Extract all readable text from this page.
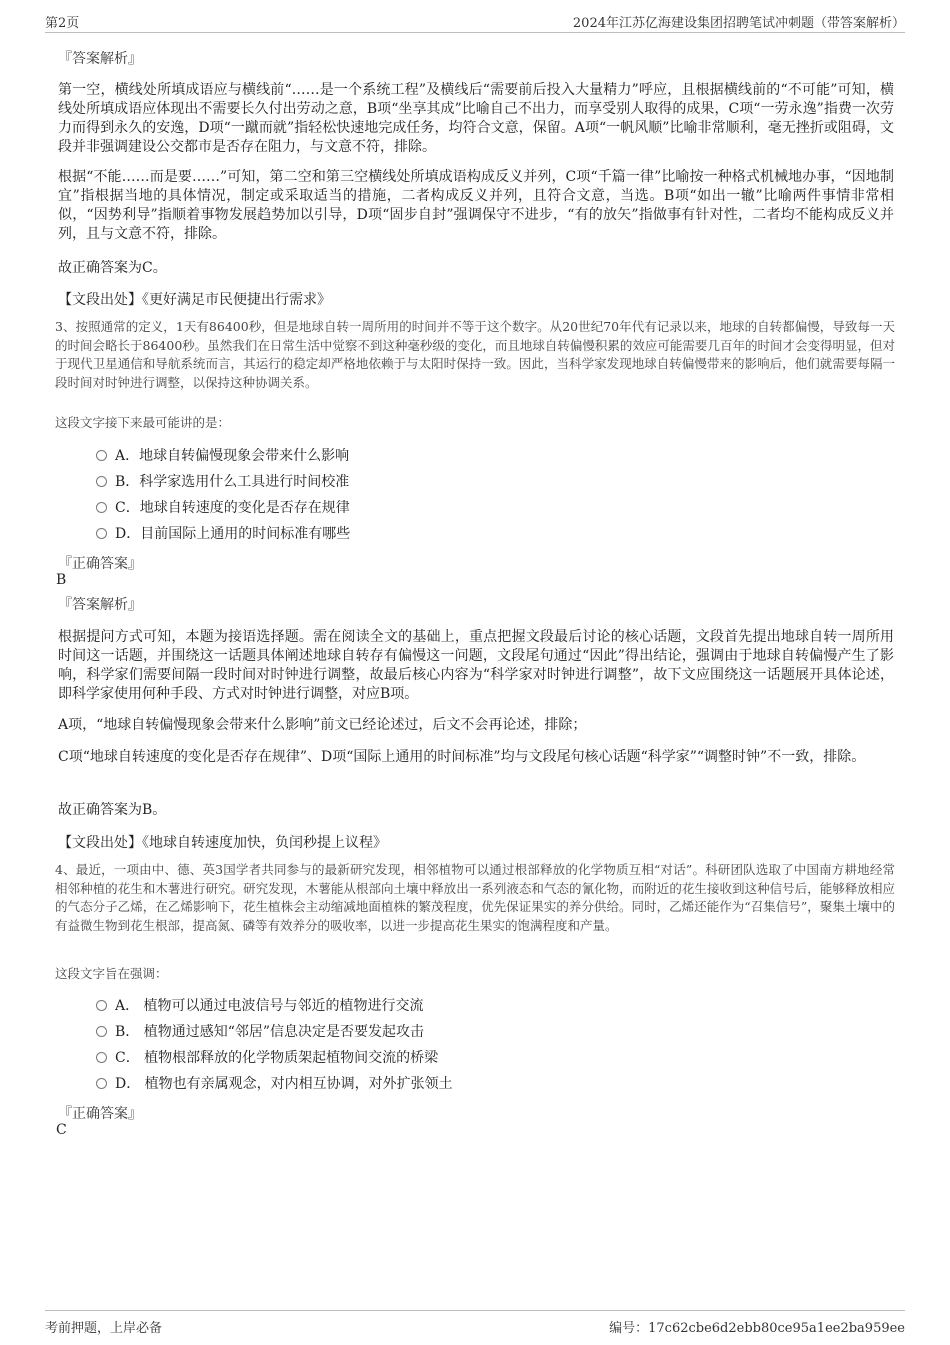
第2页	2024年江苏亿海建设集团招聘笔试冲刺题（带答案解析）
『答案解析』
第一空，横线处所填成语应与横线前“……是一个系统工程”及横线后“需要前后投入大量精力”呼应，且根据横线前的“不可能”可知，横线处所填成语应体现出不需要长久付出劳动之意，B项“坐享其成”比喻自己不出力，而享受别人取得的成果，C项“一劳永逸”指费一次劳力而得到永久的安逸，D项“一蹴而就”指轻松快速地完成任务，均符合文意，保留。A项“一帆风顺”比喻非常顺利，毫无挫折或阻碍，文段并非强调建设公交都市是否存在阻力，与文意不符，排除。
根据“不能……而是要……”可知，第二空和第三空横线处所填成语构成反义并列，C项“千篇一律”比喻按一种格式机械地办事，“因地制宜”指根据当地的具体情况，制定或采取适当的措施，二者构成反义并列，且符合文意，当选。B项“如出一辙”比喻两件事情非常相似，“因势利导”指顺着事物发展趋势加以引导，D项“固步自封”强调保守不进步，“有的放矢”指做事有针对性，二者均不能构成反义并列，且与文意不符，排除。
故正确答案为C。
【文段出处】《更好满足市民便捷出行需求》
3、按照通常的定义，1天有86400秒，但是地球自转一周所用的时间并不等于这个数字。从20世纪70年代有记录以来，地球的自转都偏慢，导致每一天的时间会略长于86400秒。虽然我们在日常生活中觉察不到这种毫秒级的变化，而且地球自转偏慢积累的效应可能需要几百年的时间才会变得明显，但对于现代卫星通信和导航系统而言，其运行的稳定却严格地依赖于与太阳时保持一致。因此，当科学家发现地球自转偏慢带来的影响后，他们就需要每隔一段时间对时钟进行调整，以保持这种协调关系。
这段文字接下来最可能讲的是：
A．地球自转偏慢现象会带来什么影响
B．科学家选用什么工具进行时间校准
C．地球自转速度的变化是否存在规律
D．目前国际上通用的时间标准有哪些
『正确答案』
B
『答案解析』
根据提问方式可知，本题为接语选择题。需在阅读全文的基础上，重点把握文段最后讨论的核心话题，文段首先提出地球自转一周所用时间这一话题，并围绕这一话题具体阐述地球自转存有偏慢这一问题，文段尾句通过“因此”得出结论，强调由于地球自转偏慢产生了影响，科学家们需要间隔一段时间对时钟进行调整，故最后核心内容为“科学家对时钟进行调整”，故下文应围绕这一话题展开具体论述，即科学家使用何种手段、方式对时钟进行调整，对应B项。
A项，“地球自转偏慢现象会带来什么影响”前文已经论述过，后文不会再论述，排除；
C项“地球自转速度的变化是否存在规律”、D项“国际上通用的时间标准”均与文段尾句核心话题“科学家”“调整时钟”不一致，排除。
故正确答案为B。
【文段出处】《地球自转速度加快，负闰秒提上议程》
4、最近，一项由中、德、英3国学者共同参与的最新研究发现，相邻植物可以通过根部释放的化学物质互相“对话”。科研团队选取了中国南方耕地经常相邻种植的花生和木薯进行研究。研究发现，木薯能从根部向土壤中释放出一系列液态和气态的氰化物，而附近的花生接收到这种信号后，能够释放相应的气态分子乙烯，在乙烯影响下，花生植株会主动缩减地面植株的繁茂程度，优先保证果实的养分供给。同时，乙烯还能作为“召集信号”，聚集土壤中的有益微生物到花生根部，提高氮、磷等有效养分的吸收率，以进一步提高花生果实的饱满程度和产量。
这段文字旨在强调：
A． 植物可以通过电波信号与邻近的植物进行交流
B． 植物通过感知“邻居”信息决定是否要发起攻击
C． 植物根部释放的化学物质架起植物间交流的桥梁
D． 植物也有亲属观念，对内相互协调，对外扩张领土
『正确答案』
C
考前押题，上岸必备	编号：17c62cbe6d2ebb80ce95a1ee2ba959ee
